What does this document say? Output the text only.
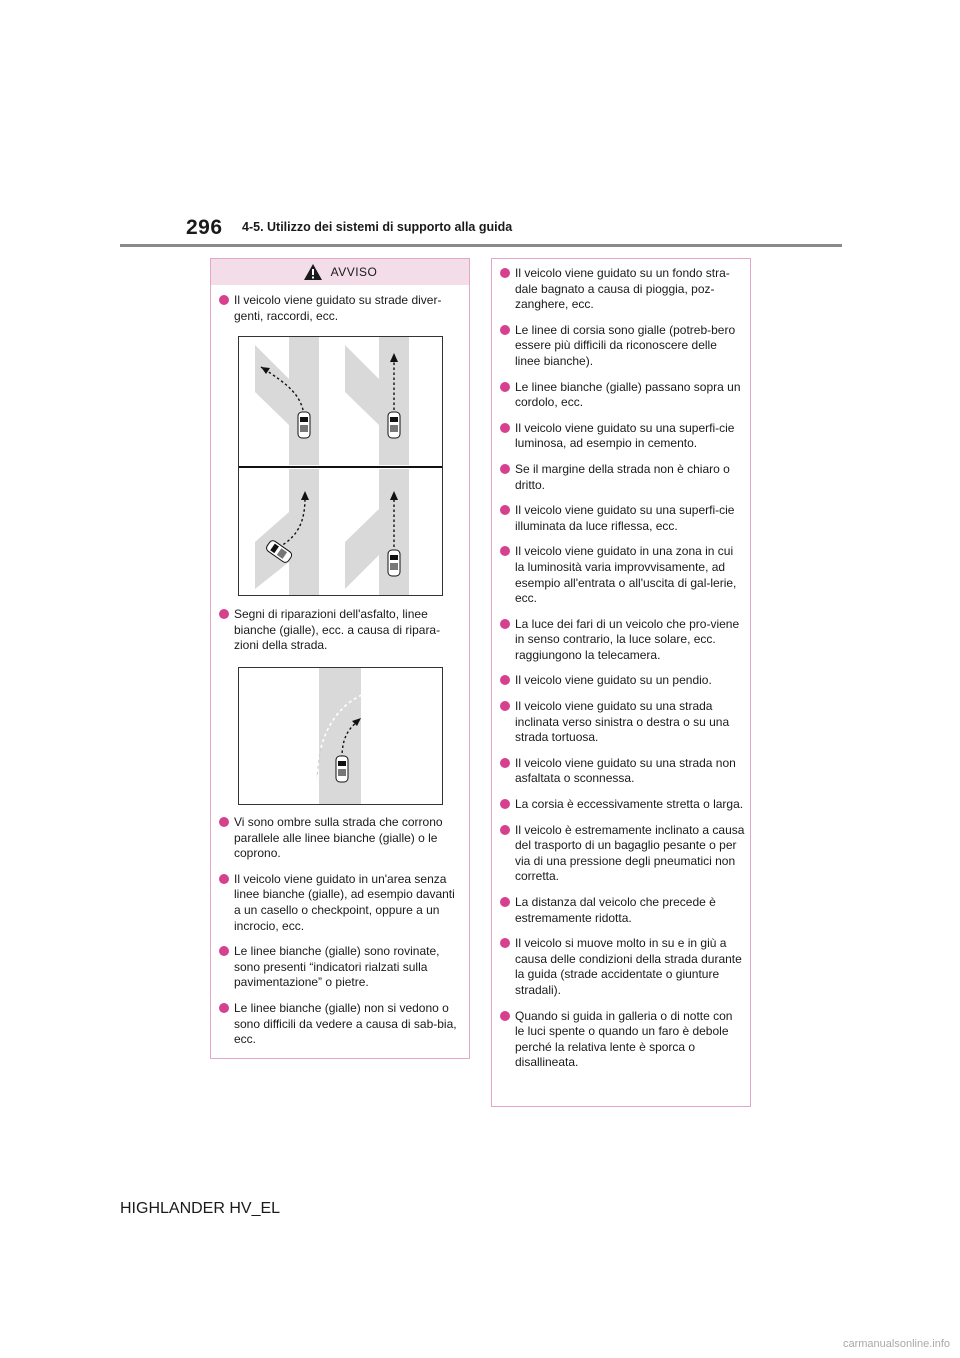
296 4-5. Utilizzo dei sistemi di supporto alla guida
AVVISO
Il veicolo viene guidato su strade diver-genti, raccordi, ecc.
Segni di riparazioni dell'asfalto, linee bianche (gialle), ecc. a causa di ripara-zioni della strada.
Vi sono ombre sulla strada che corrono parallele alle linee bianche (gialle) o le coprono.
Il veicolo viene guidato in un'area senza linee bianche (gialle), ad esempio davanti a un casello o checkpoint, oppure a un incrocio, ecc.
Le linee bianche (gialle) sono rovinate, sono presenti “indicatori rialzati sulla pavimentazione” o pietre.
Le linee bianche (gialle) non si vedono o sono difficili da vedere a causa di sab-bia, ecc.
Il veicolo viene guidato su un fondo stra-dale bagnato a causa di pioggia, poz-zanghere, ecc.
Le linee di corsia sono gialle (potreb-bero essere più difficili da riconoscere delle linee bianche).
Le linee bianche (gialle) passano sopra un cordolo, ecc.
Il veicolo viene guidato su una superfi-cie luminosa, ad esempio in cemento.
Se il margine della strada non è chiaro o dritto.
Il veicolo viene guidato su una superfi-cie illuminata da luce riflessa, ecc.
Il veicolo viene guidato in una zona in cui la luminosità varia improvvisamente, ad esempio all'entrata o all'uscita di gal-lerie, ecc.
La luce dei fari di un veicolo che pro-viene in senso contrario, la luce solare, ecc. raggiungono la telecamera.
Il veicolo viene guidato su un pendio.
Il veicolo viene guidato su una strada inclinata verso sinistra o destra o su una strada tortuosa.
Il veicolo viene guidato su una strada non asfaltata o sconnessa.
La corsia è eccessivamente stretta o larga.
Il veicolo è estremamente inclinato a causa del trasporto di un bagaglio pesante o per via di una pressione degli pneumatici non corretta.
La distanza dal veicolo che precede è estremamente ridotta.
Il veicolo si muove molto in su e in giù a causa delle condizioni della strada durante la guida (strade accidentate o giunture stradali).
Quando si guida in galleria o di notte con le luci spente o quando un faro è debole perché la relativa lente è sporca o disallineata.
HIGHLANDER HV_EL
carmanualsonline.info
